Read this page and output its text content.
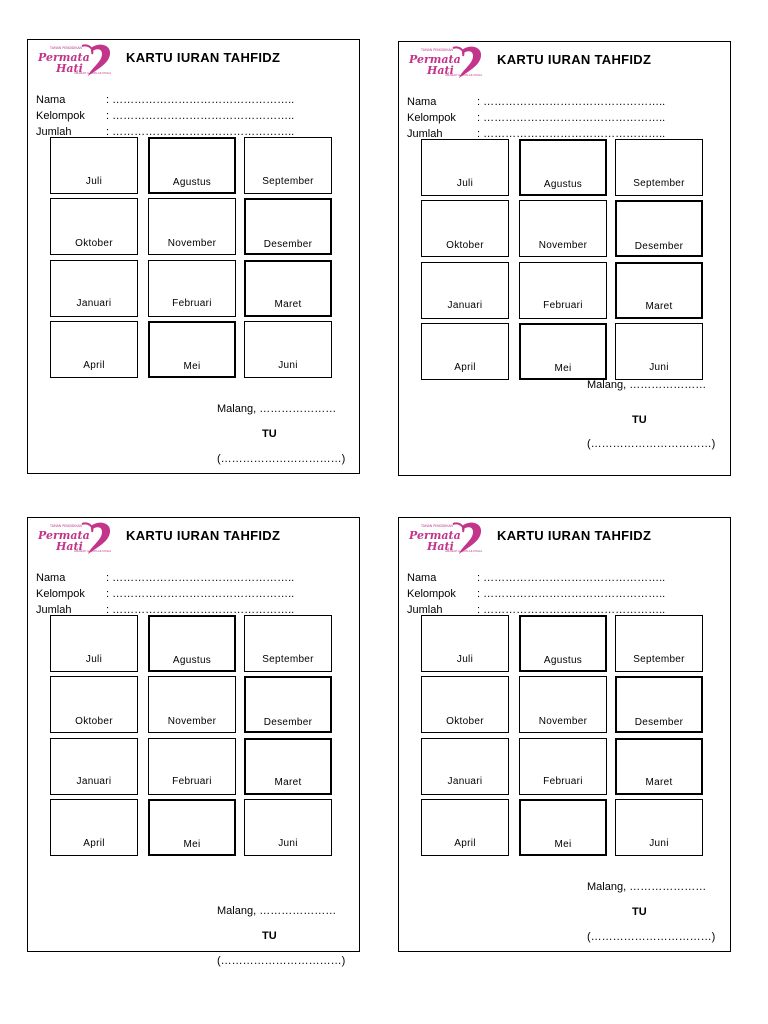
TAMAN PENDIDIKAN
Permata
Hati
AMANAH & AKHLAK MULIA
KARTU IURAN TAHFIDZ
Nama	: …………………………………………..
Kelompok	: …………………………………………..
Jumlah	: …………………………………………..
Juli	Agustus	September
Oktober	November	Desember
Januari	Februari	Maret
April	Mei	Juni
Malang, …………………
TU
(……………………………)
TAMAN PENDIDIKAN
Permata
Hati
AMANAH & AKHLAK MULIA
KARTU IURAN TAHFIDZ
Nama	: …………………………………………..
Kelompok	: …………………………………………..
Jumlah	: …………………………………………..
Juli	Agustus	September
Oktober	November	Desember
Januari	Februari	Maret
April	Mei	Juni
Malang, …………………
TU
(……………………………)
TAMAN PENDIDIKAN
Permata
Hati
AMANAH & AKHLAK MULIA
KARTU IURAN TAHFIDZ
Nama	: …………………………………………..
Kelompok	: …………………………………………..
Jumlah	: …………………………………………..
Juli	Agustus	September
Oktober	November	Desember
Januari	Februari	Maret
April	Mei	Juni
Malang, …………………
TU
(……………………………)
TAMAN PENDIDIKAN
Permata
Hati
AMANAH & AKHLAK MULIA
KARTU IURAN TAHFIDZ
Nama	: …………………………………………..
Kelompok	: …………………………………………..
Jumlah	: …………………………………………..
Juli	Agustus	September
Oktober	November	Desember
Januari	Februari	Maret
April	Mei	Juni
Malang, …………………
TU
(……………………………)
